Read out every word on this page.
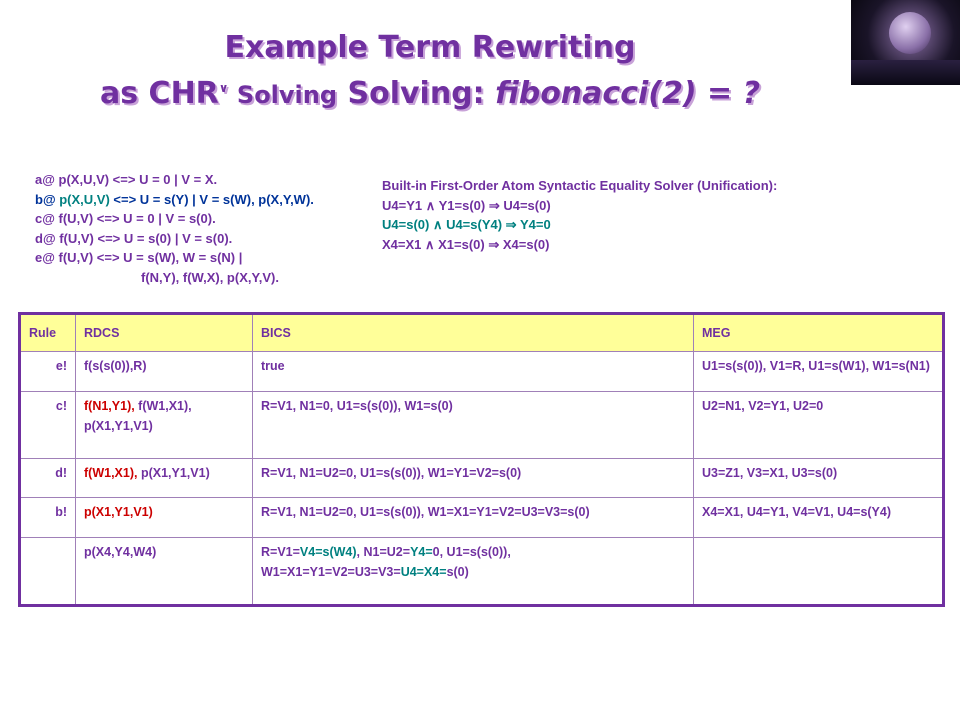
Example Term Rewriting
as CHR∨ Solving Solving: fibonacci(2) = ?
a@ p(X,U,V) <=> U = 0 | V = X.
b@ p(X,U,V) <=> U = s(Y) | V = s(W), p(X,Y,W).
c@ f(U,V) <=> U = 0 | V = s(0).
d@ f(U,V) <=> U = s(0) | V = s(0).
e@ f(U,V) <=> U = s(W), W = s(N) |
f(N,Y), f(W,X), p(X,Y,V).
Built-in First-Order Atom Syntactic Equality Solver (Unification):
U4=Y1 ∧ Y1=s(0) ⇒ U4=s(0)
U4=s(0) ∧ U4=s(Y4) ⇒ Y4=0
X4=X1 ∧ X1=s(0) ⇒ X4=s(0)
Rule	RDCS	BICS	MEG
e!	f(s(s(0)),R)	true	U1=s(s(0)), V1=R, U1=s(W1), W1=s(N1)
c!	f(N1,Y1), f(W1,X1), p(X1,Y1,V1)	R=V1, N1=0, U1=s(s(0)), W1=s(0)	U2=N1, V2=Y1, U2=0
d!	f(W1,X1), p(X1,Y1,V1)	R=V1, N1=U2=0, U1=s(s(0)), W1=Y1=V2=s(0)	U3=Z1, V3=X1, U3=s(0)
b!	p(X1,Y1,V1)	R=V1, N1=U2=0, U1=s(s(0)), W1=X1=Y1=V2=U3=V3=s(0)	X4=X1, U4=Y1, V4=V1, U4=s(Y4)
	p(X4,Y4,W4)	R=V1=V4=s(W4), N1=U2=Y4=0, U1=s(s(0)),
W1=X1=Y1=V2=U3=V3=U4=X4=s(0)	
